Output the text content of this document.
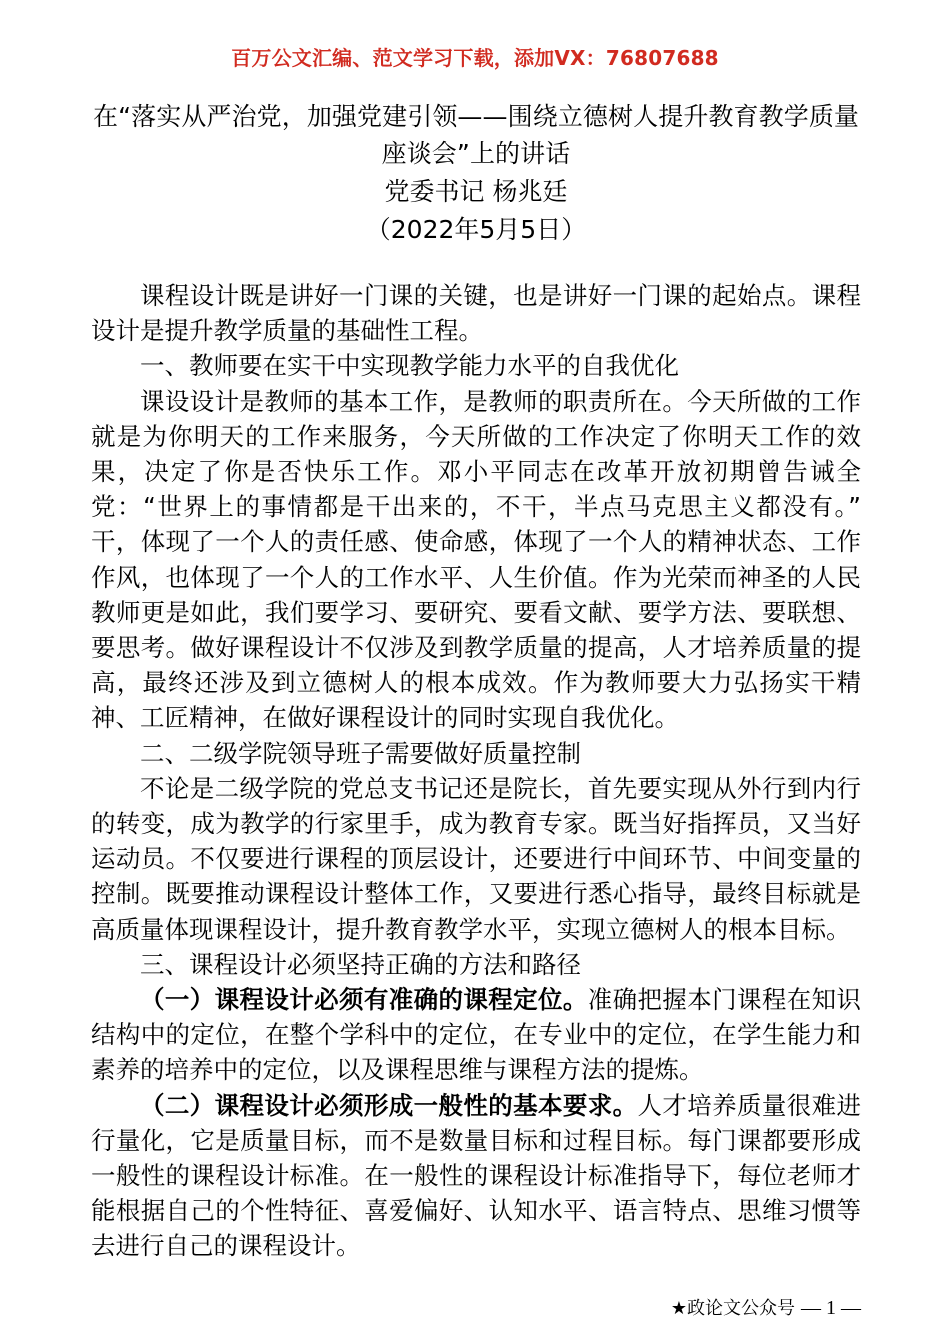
百万公文汇编、范文学习下载，添加VX：76807688
在“落实从严治党，加强党建引领——围绕立德树人提升教育教学质量座谈会”上的讲话
党委书记 杨兆廷
（2022年5月5日）

课程设计既是讲好一门课的关键，也是讲好一门课的起始点。课程设计是提升教学质量的基础性工程。

一、教师要在实干中实现教学能力水平的自我优化

课设设计是教师的基本工作，是教师的职责所在。今天所做的工作就是为你明天的工作来服务，今天所做的工作决定了你明天工作的效果，决定了你是否快乐工作。邓小平同志在改革开放初期曾告诫全党：“世界上的事情都是干出来的，不干，半点马克思主义都没有。” 干，体现了一个人的责任感、使命感，体现了一个人的精神状态、工作作风，也体现了一个人的工作水平、人生价值。作为光荣而神圣的人民教师更是如此，我们要学习、要研究、要看文献、要学方法、要联想、要思考。做好课程设计不仅涉及到教学质量的提高，人才培养质量的提高，最终还涉及到立德树人的根本成效。作为教师要大力弘扬实干精神、工匠精神，在做好课程设计的同时实现自我优化。

二、二级学院领导班子需要做好质量控制

不论是二级学院的党总支书记还是院长，首先要实现从外行到内行的转变，成为教学的行家里手，成为教育专家。既当好指挥员，又当好运动员。不仅要进行课程的顶层设计，还要进行中间环节、中间变量的控制。既要推动课程设计整体工作，又要进行悉心指导，最终目标就是高质量体现课程设计，提升教育教学水平，实现立德树人的根本目标。

三、课程设计必须坚持正确的方法和路径

（一）课程设计必须有准确的课程定位。准确把握本门课程在知识结构中的定位，在整个学科中的定位，在专业中的定位，在学生能力和素养的培养中的定位，以及课程思维与课程方法的提炼。

（二）课程设计必须形成一般性的基本要求。人才培养质量很难进行量化，它是质量目标，而不是数量目标和过程目标。每门课都要形成一般性的课程设计标准。在一般性的课程设计标准指导下，每位老师才能根据自己的个性特征、喜爱偏好、认知水平、语言特点、思维习惯等去进行自己的课程设计。

★政论文公众号 — 1 —
